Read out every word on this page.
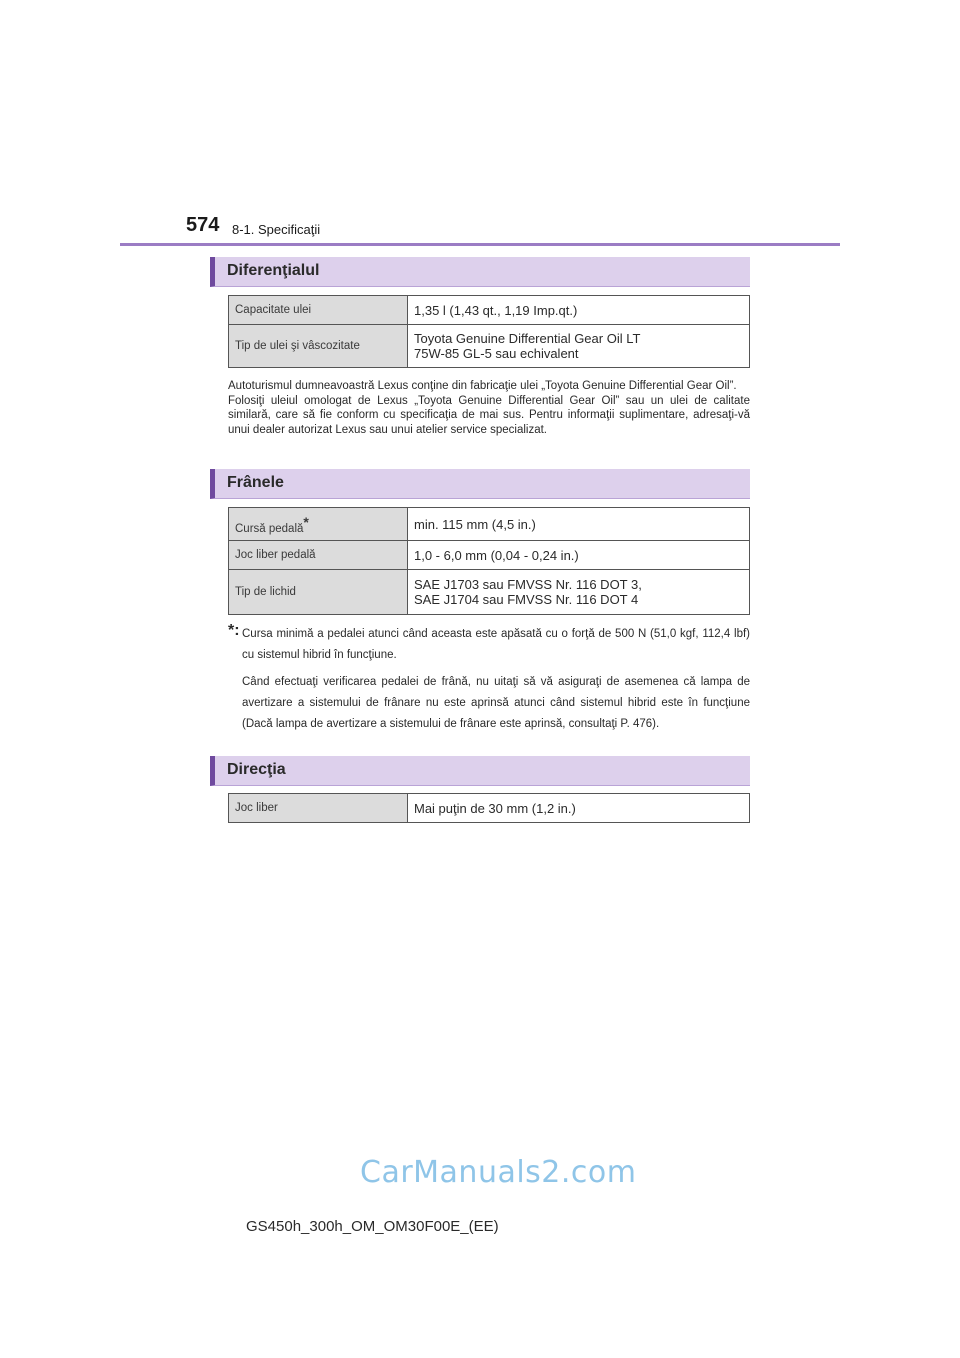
574 8-1. Specificaţii
Diferenţialul
Capacitate ulei	1,35 l (1,43 qt., 1,19 Imp.qt.)
Tip de ulei şi vâscozitate	Toyota Genuine Differential Gear Oil LT
75W-85 GL-5 sau echivalent

Autoturismul dumneavoastră Lexus conţine din fabricaţie ulei „Toyota Genuine Differential Gear Oil”.

Folosiţi uleiul omologat de Lexus „Toyota Genuine Differential Gear Oil” sau un ulei de calitate similară, care să fie conform cu specificaţia de mai sus. Pentru informaţii suplimentare, adresaţi-vă unui dealer autorizat Lexus sau unui atelier service specializat.

Frânele
Cursă pedală*	min. 115 mm (4,5 in.)
Joc liber pedală	1,0 - 6,0 mm (0,04 - 0,24 in.)
Tip de lichid	SAE J1703 sau FMVSS Nr. 116 DOT 3,
SAE J1704 sau FMVSS Nr. 116 DOT 4
*: Cursa minimă a pedalei atunci când aceasta este apăsată cu o forţă de 500 N (51,0 kgf, 112,4 lbf) cu sistemul hibrid în funcţiune.

Când efectuaţi verificarea pedalei de frână, nu uitaţi să vă asiguraţi de asemenea că lampa de avertizare a sistemului de frânare nu este aprinsă atunci când sistemul hibrid este în funcţiune (Dacă lampa de avertizare a sistemului de frânare este aprinsă, consultaţi P. 476).

Direcţia
Joc liber	Mai puţin de 30 mm (1,2 in.)
CarManuals2.com
GS450h_300h_OM_OM30F00E_(EE)
